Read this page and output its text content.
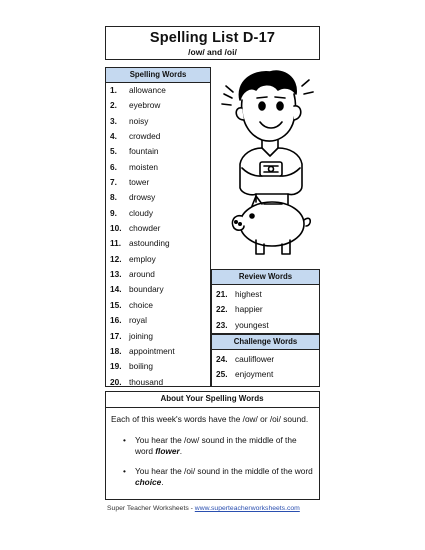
Spelling List D-17
/ow/ and /oi/
Spelling Words
1. allowance
2. eyebrow
3. noisy
4. crowded
5. fountain
6. moisten
7. tower
8. drowsy
9. cloudy
10. chowder
11. astounding
12. employ
13. around
14. boundary
15. choice
16. royal
17. joining
18. appointment
19. boiling
20. thousand
Review Words
21. highest
22. happier
23. youngest
Challenge Words
24. cauliflower
25. enjoyment
About Your Spelling Words
Each of this week's words have the /ow/ or /oi/ sound.
• You hear the /ow/ sound in the middle of the word flower.
• You hear the /oi/ sound in the middle of the word choice.
Super Teacher Worksheets - www.superteacherworksheets.com
